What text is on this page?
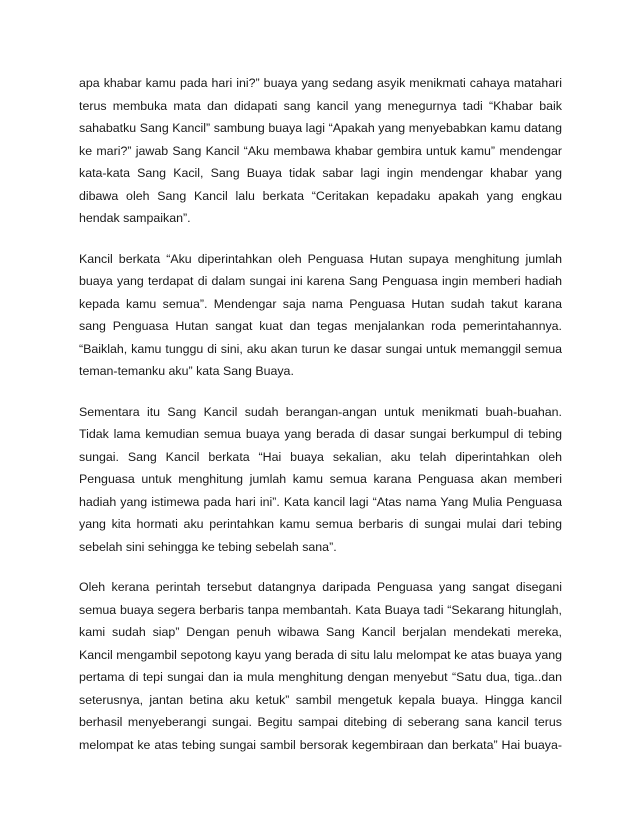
apa khabar kamu pada hari ini?” buaya yang sedang asyik menikmati cahaya matahari
terus membuka mata dan didapati sang kancil yang menegurnya tadi “Khabar baik
sahabatku Sang Kancil” sambung buaya lagi “Apakah yang menyebabkan kamu datang
ke mari?” jawab Sang Kancil “Aku membawa khabar gembira untuk kamu” mendengar
kata-kata Sang Kacil, Sang Buaya tidak sabar lagi ingin mendengar khabar yang
dibawa oleh Sang Kancil lalu berkata “Ceritakan kepadaku apakah yang engkau
hendak sampaikan”.
Kancil berkata “Aku diperintahkan oleh Penguasa Hutan supaya menghitung jumlah
buaya yang terdapat di dalam sungai ini karena Sang Penguasa ingin memberi hadiah
kepada kamu semua”. Mendengar saja nama Penguasa Hutan sudah takut karana
sang Penguasa Hutan sangat kuat dan tegas menjalankan roda pemerintahannya.
“Baiklah, kamu tunggu di sini, aku akan turun ke dasar sungai untuk memanggil semua
teman-temanku aku” kata Sang Buaya.
Sementara itu Sang Kancil sudah berangan-angan untuk menikmati buah-buahan.
Tidak lama kemudian semua buaya yang berada di dasar sungai berkumpul di tebing
sungai. Sang Kancil berkata “Hai buaya sekalian, aku telah diperintahkan oleh
Penguasa untuk menghitung jumlah kamu semua karana Penguasa akan memberi
hadiah yang istimewa pada hari ini”. Kata kancil lagi “Atas nama Yang Mulia Penguasa
yang kita hormati aku perintahkan kamu semua berbaris di sungai mulai dari tebing
sebelah sini sehingga ke tebing sebelah sana”.
Oleh kerana perintah tersebut datangnya daripada Penguasa yang sangat disegani
semua buaya segera berbaris tanpa membantah. Kata Buaya tadi “Sekarang hitunglah,
kami sudah siap” Dengan penuh wibawa Sang Kancil berjalan mendekati mereka,
Kancil mengambil sepotong kayu yang berada di situ lalu melompat ke atas buaya yang
pertama di tepi sungai dan ia mula menghitung dengan menyebut “Satu dua, tiga..dan
seterusnya, jantan betina aku ketuk” sambil mengetuk kepala buaya. Hingga kancil
berhasil menyeberangi sungai. Begitu sampai ditebing di seberang sana kancil terus
melompat ke atas tebing sungai sambil bersorak kegembiraan dan berkata” Hai buaya-
